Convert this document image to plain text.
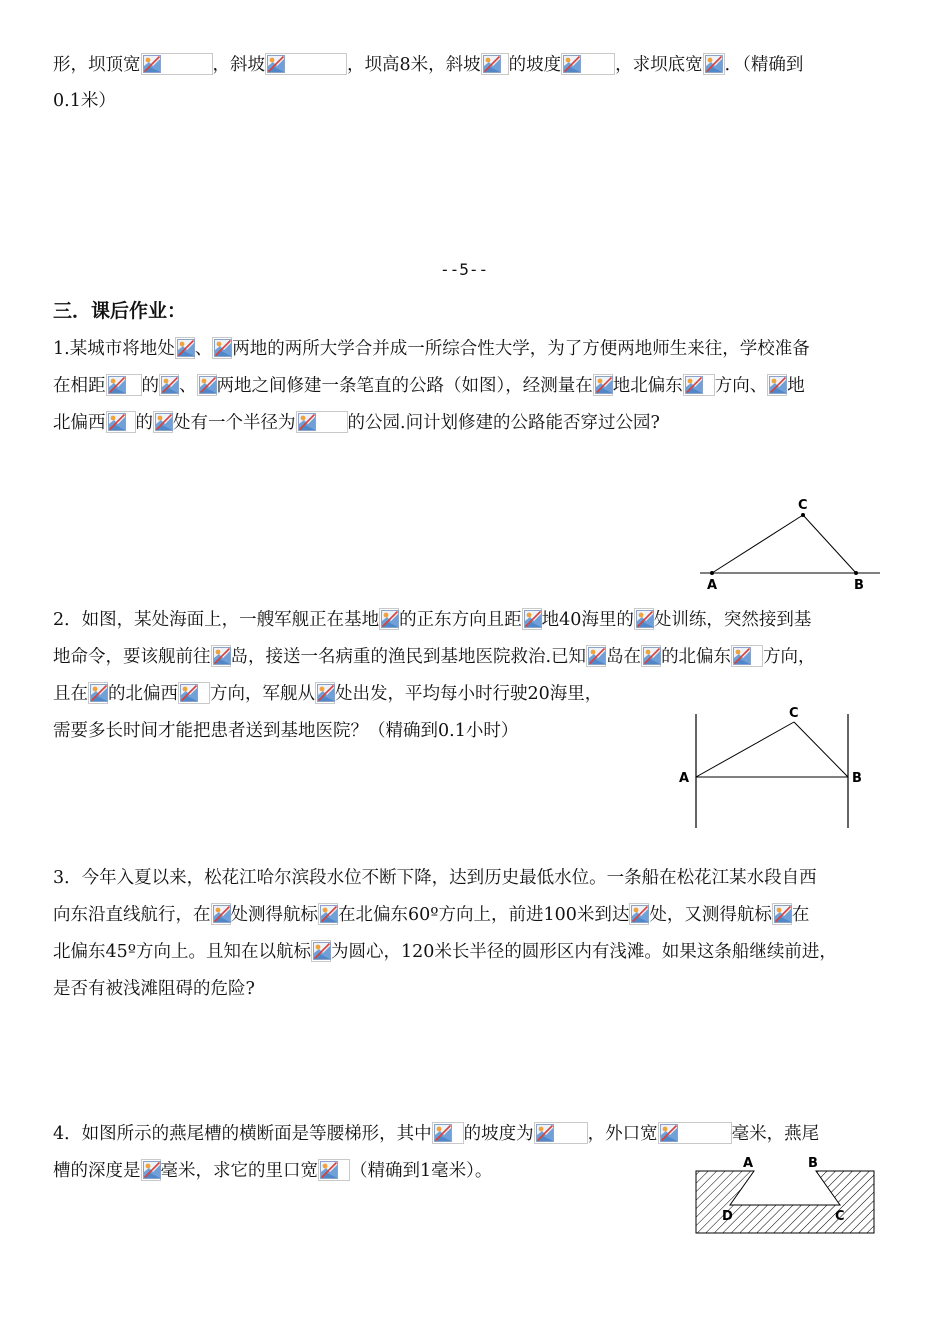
形，坝顶宽	，斜坡	，坝高8米，斜坡 的坡度	，求坝底宽 ．（精确到
0.1米）
--5--
三．课后作业：
1.某城市将地处 、 两地的两所大学合并成一所综合性大学，为了方便两地师生来往，学校准备
在相距 的 、 两地之间修建一条笔直的公路（如图），经测量在 地北偏东 方向、 地
北偏西 的 处有一个半径为	的公园.问计划修建的公路能否穿过公园?
C
A	B
2．如图，某处海面上，一艘军舰正在基地 的正东方向且距 地40海里的 处训练，突然接到基
地命令，要该舰前往 岛，接送一名病重的渔民到基地医院救治.已知 岛在 的北偏东 方向，
且在 的北偏西 方向，军舰从 处出发，平均每小时行驶20海里，
需要多长时间才能把患者送到基地医院？（精确到0.1小时）
C
A	B
3．今年入夏以来，松花江哈尔滨段水位不断下降，达到历史最低水位。一条船在松花江某水段自西
向东沿直线航行，在 处测得航标 在北偏东60º方向上，前进100米到达 处，又测得航标 在
北偏东45º方向上。且知在以航标 为圆心，120米长半径的圆形区内有浅滩。如果这条船继续前进，
是否有被浅滩阻碍的危险?
4．如图所示的燕尾槽的横断面是等腰梯形，其中 的坡度为	，外口宽	毫米，燕尾
槽的深度是 毫米，求它的里口宽 （精确到1毫米）。	A	B
D	C
